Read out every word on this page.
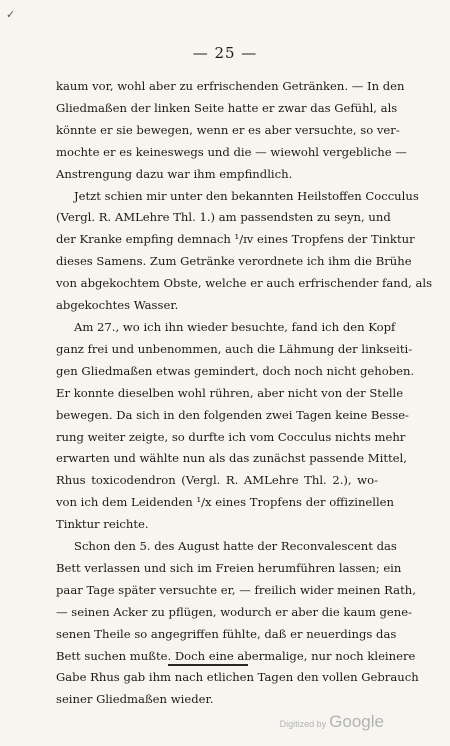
✓
— 25 —
kaum vor, wohl aber zu erfrischenden Getränken. — In den
Gliedmaßen der linken Seite hatte er zwar das Gefühl, als
könnte er sie bewegen, wenn er es aber versuchte, so ver-
mochte er es keineswegs und die — wiewohl vergebliche —
Anstrengung dazu war ihm empfindlich.
Jetzt schien mir unter den bekannten Heilstoffen Cocculus
(Vergl. R. AMLehre Thl. 1.) am passendsten zu seyn, und
der Kranke empfing demnach ¹/ɪᴠ eines Tropfens der Tinktur
dieses Samens. Zum Getränke verordnete ich ihm die Brühe
von abgekochtem Obste, welche er auch erfrischender fand, als
abgekochtes Wasser.
Am 27., wo ich ihn wieder besuchte, fand ich den Kopf
ganz frei und unbenommen, auch die Lähmung der linkseiti-
gen Gliedmaßen etwas gemindert, doch noch nicht gehoben.
Er konnte dieselben wohl rühren, aber nicht von der Stelle
bewegen. Da sich in den folgenden zwei Tagen keine Besse-
rung weiter zeigte, so durfte ich vom Cocculus nichts mehr
erwarten und wählte nun als das zunächst passende Mittel,
Rhus toxicodendron (Vergl. R. AMLehre Thl. 2.), wo-
von ich dem Leidenden ¹/x eines Tropfens der offizinellen
Tinktur reichte.
Schon den 5. des August hatte der Reconvalescent das
Bett verlassen und sich im Freien herumführen lassen; ein
paar Tage später versuchte er, — freilich wider meinen Rath,
— seinen Acker zu pflügen, wodurch er aber die kaum gene-
senen Theile so angegriffen fühlte, daß er neuerdings das
Bett suchen mußte. Doch eine abermalige, nur noch kleinere
Gabe Rhus gab ihm nach etlichen Tagen den vollen Gebrauch
seiner Gliedmaßen wieder.
Digitized by Google
